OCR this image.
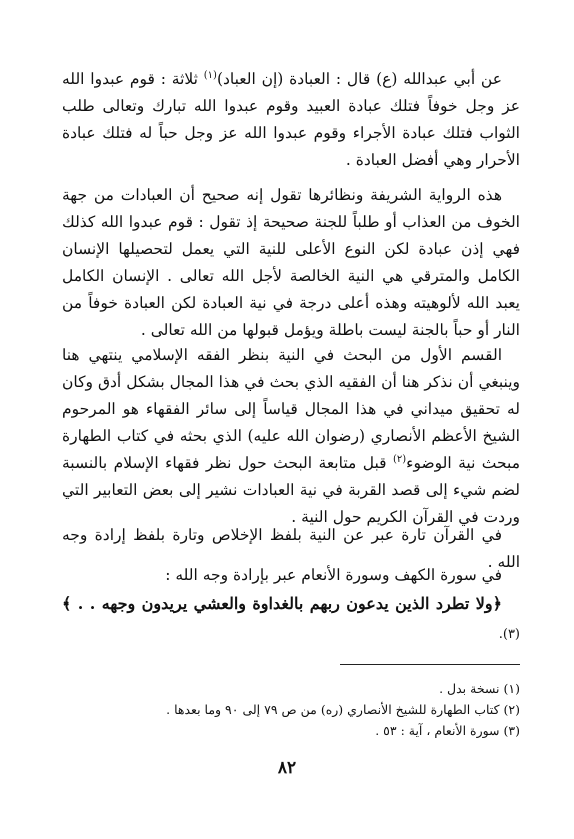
عن أبي عبدالله (ع) قال : العبادة (إن العباد)$^{(١)}$ ثلاثة : قوم عبدوا الله عز وجل خوفاً فتلك عبادة العبيد وقوم عبدوا الله تبارك وتعالى طلب الثواب فتلك عبادة الأجراء وقوم عبدوا الله عز وجل حباً له فتلك عبادة الأحرار وهي أفضل العبادة .

هذه الرواية الشريفة ونظائرها تقول إنه صحيح أن العبادات من جهة الخوف من العذاب أو طلباً للجنة صحيحة إذ تقول : قوم عبدوا الله كذلك فهي إذن عبادة لكن النوع الأعلى للنية التي يعمل لتحصيلها الإنسان الكامل والمترقي هي النية الخالصة لأجل الله تعالى . الإنسان الكامل يعبد الله لألوهيته وهذه أعلى درجة في نية العبادة لكن العبادة خوفاً من النار أو حباً بالجنة ليست باطلة ويؤمل قبولها من الله تعالى .

القسم الأول من البحث في النية بنظر الفقه الإسلامي ينتهي هنا وينبغي أن نذكر هنا أن الفقيه الذي بحث في هذا المجال بشكل أدق وكان له تحقيق ميداني في هذا المجال قياساً إلى سائر الفقهاء هو المرحوم الشيخ الأعظم الأنصاري (رضوان الله عليه) الذي بحثه في كتاب الطهارة مبحث نية الوضوء$^{(٢)}$ قبل متابعة البحث حول نظر فقهاء الإسلام بالنسبة لضم شيء إلى قصد القربة في نية العبادات نشير إلى بعض التعابير التي وردت في القرآن الكريم حول النية .

في القرآن تارة عبر عن النية بلفظ الإخلاص وتارة بلفظ إرادة وجه الله .

في سورة الكهف وسورة الأنعام عبر بإرادة وجه الله :

﴿ولا تطرد الذين يدعون ربهم بالغداوة والعشي يريدون وجهه . . ﴾ (٣).

(١) نسخة بدل .
(٢) كتاب الطهارة للشيخ الأنصاري (ره) من ص ٧٩ إلى ٩٠ وما بعدها .
(٣) سورة الأنعام ، آية : ٥٣ .
٨٢
